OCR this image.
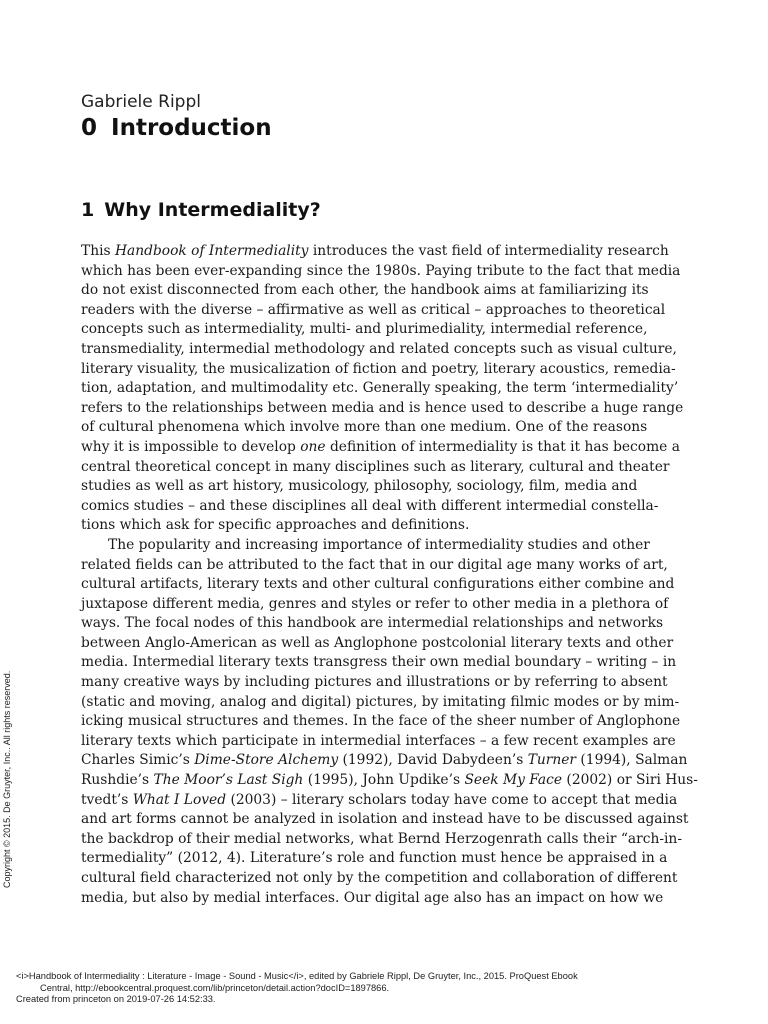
Gabriele Rippl
0 Introduction
1 Why Intermediality?
This Handbook of Intermediality introduces the vast field of intermediality research
which has been ever-expanding since the 1980s. Paying tribute to the fact that media
do not exist disconnected from each other, the handbook aims at familiarizing its
readers with the diverse – affirmative as well as critical – approaches to theoretical
concepts such as intermediality, multi- and plurimediality, intermedial reference,
transmediality, intermedial methodology and related concepts such as visual culture,
literary visuality, the musicalization of fiction and poetry, literary acoustics, remedia-
tion, adaptation, and multimodality etc. Generally speaking, the term ‘intermediality’
refers to the relationships between media and is hence used to describe a huge range
of cultural phenomena which involve more than one medium. One of the reasons
why it is impossible to develop one definition of intermediality is that it has become a
central theoretical concept in many disciplines such as literary, cultural and theater
studies as well as art history, musicology, philosophy, sociology, film, media and
comics studies – and these disciplines all deal with different intermedial constella-
tions which ask for specific approaches and definitions.
The popularity and increasing importance of intermediality studies and other
related fields can be attributed to the fact that in our digital age many works of art,
cultural artifacts, literary texts and other cultural configurations either combine and
juxtapose different media, genres and styles or refer to other media in a plethora of
ways. The focal nodes of this handbook are intermedial relationships and networks
between Anglo-American as well as Anglophone postcolonial literary texts and other
media. Intermedial literary texts transgress their own medial boundary – writing – in
many creative ways by including pictures and illustrations or by referring to absent
(static and moving, analog and digital) pictures, by imitating filmic modes or by mim-
icking musical structures and themes. In the face of the sheer number of Anglophone
literary texts which participate in intermedial interfaces – a few recent examples are
Charles Simic’s Dime-Store Alchemy (1992), David Dabydeen’s Turner (1994), Salman
Rushdie’s The Moor’s Last Sigh (1995), John Updike’s Seek My Face (2002) or Siri Hus-
tvedt’s What I Loved (2003) – literary scholars today have come to accept that media
and art forms cannot be analyzed in isolation and instead have to be discussed against
the backdrop of their medial networks, what Bernd Herzogenrath calls their “arch-in-
termediality” (2012, 4). Literature’s role and function must hence be appraised in a
cultural field characterized not only by the competition and collaboration of different
media, but also by medial interfaces. Our digital age also has an impact on how we
Copyright © 2015. De Gruyter, Inc.. All rights reserved.
<i>Handbook of Intermediality : Literature - Image - Sound - Music</i>, edited by Gabriele Rippl, De Gruyter, Inc., 2015. ProQuest Ebook
Central, http://ebookcentral.proquest.com/lib/princeton/detail.action?docID=1897866.
Created from princeton on 2019-07-26 14:52:33.
